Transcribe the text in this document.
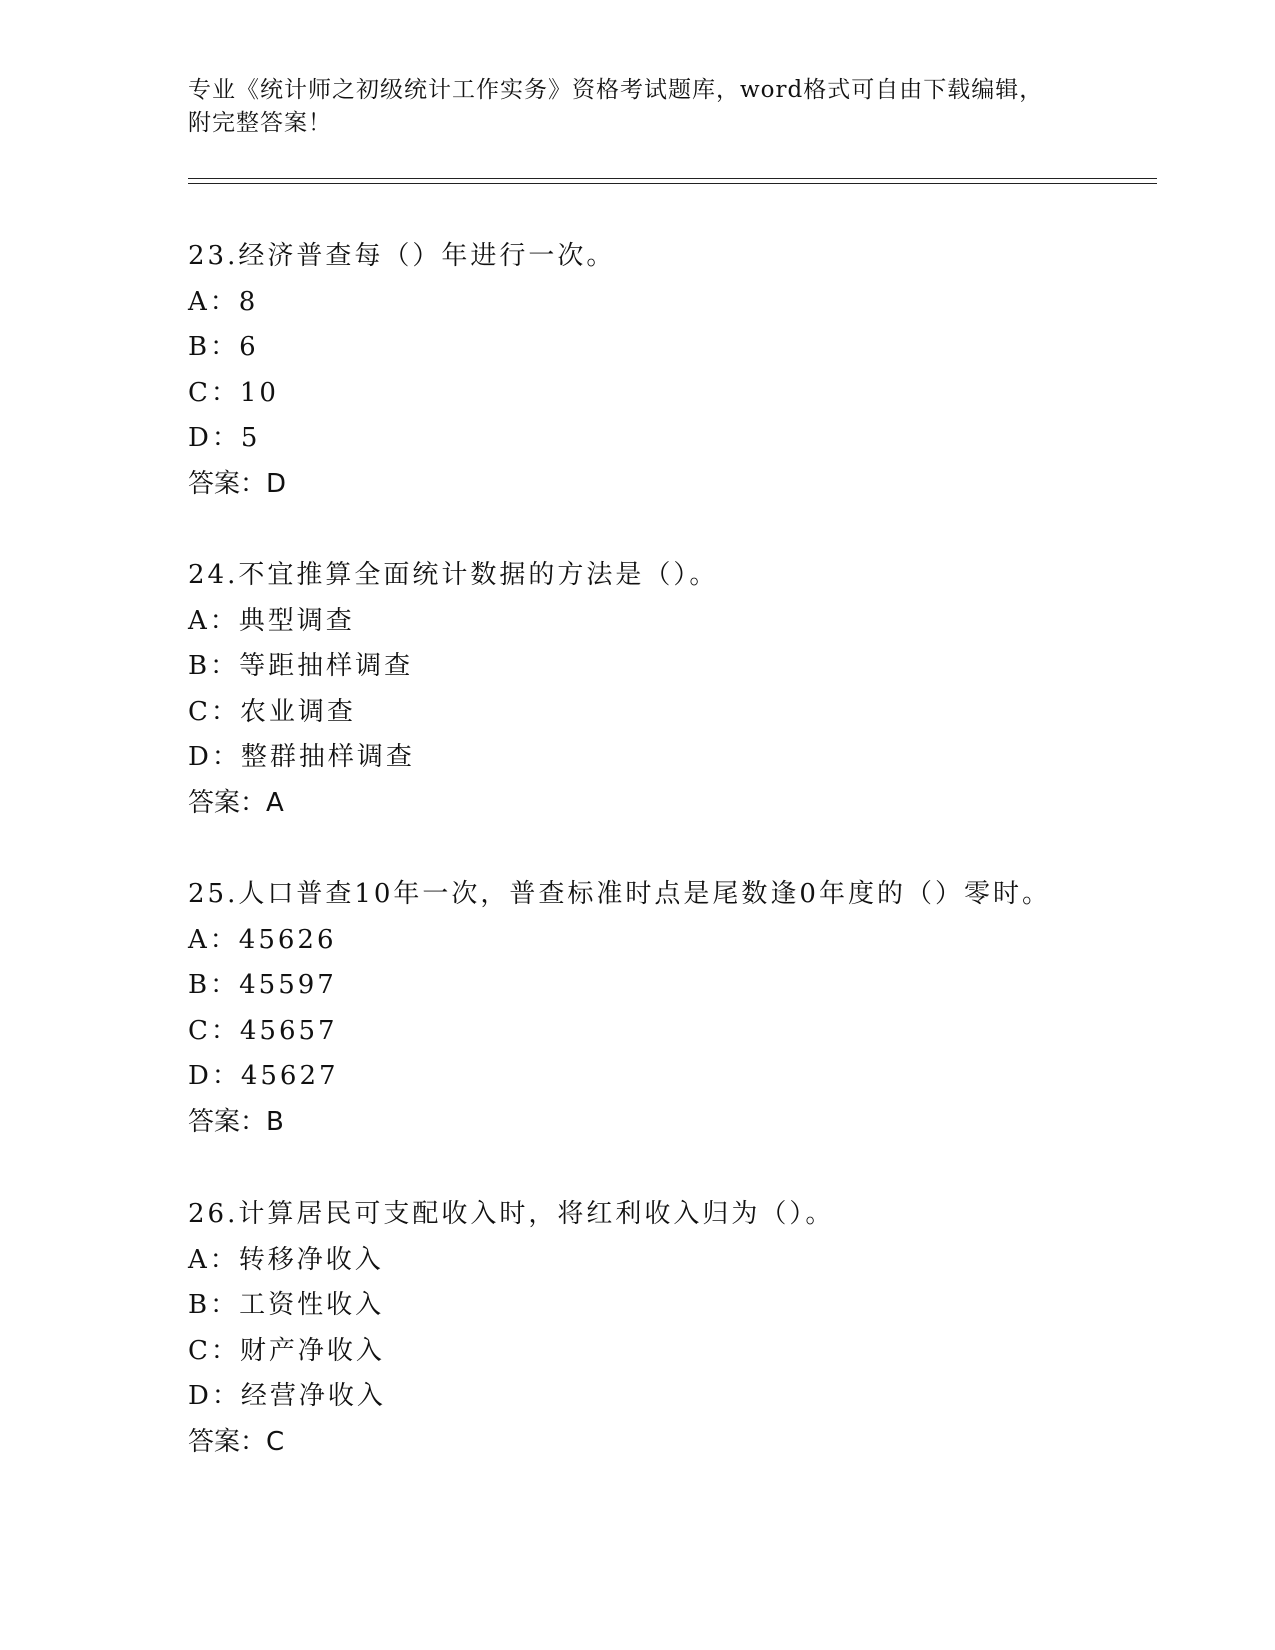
专业《统计师之初级统计工作实务》资格考试题库，word格式可自由下载编辑，
附完整答案！
23.经济普查每（）年进行一次。
A：8
B：6
C：10
D：5
答案：D
24.不宜推算全面统计数据的方法是（）。
A：典型调查
B：等距抽样调查
C：农业调查
D：整群抽样调查
答案：A
25.人口普查10年一次，普查标准时点是尾数逢0年度的（）零时。
A：45626
B：45597
C：45657
D：45627
答案：B
26.计算居民可支配收入时，将红利收入归为（）。
A：转移净收入
B：工资性收入
C：财产净收入
D：经营净收入
答案：C
